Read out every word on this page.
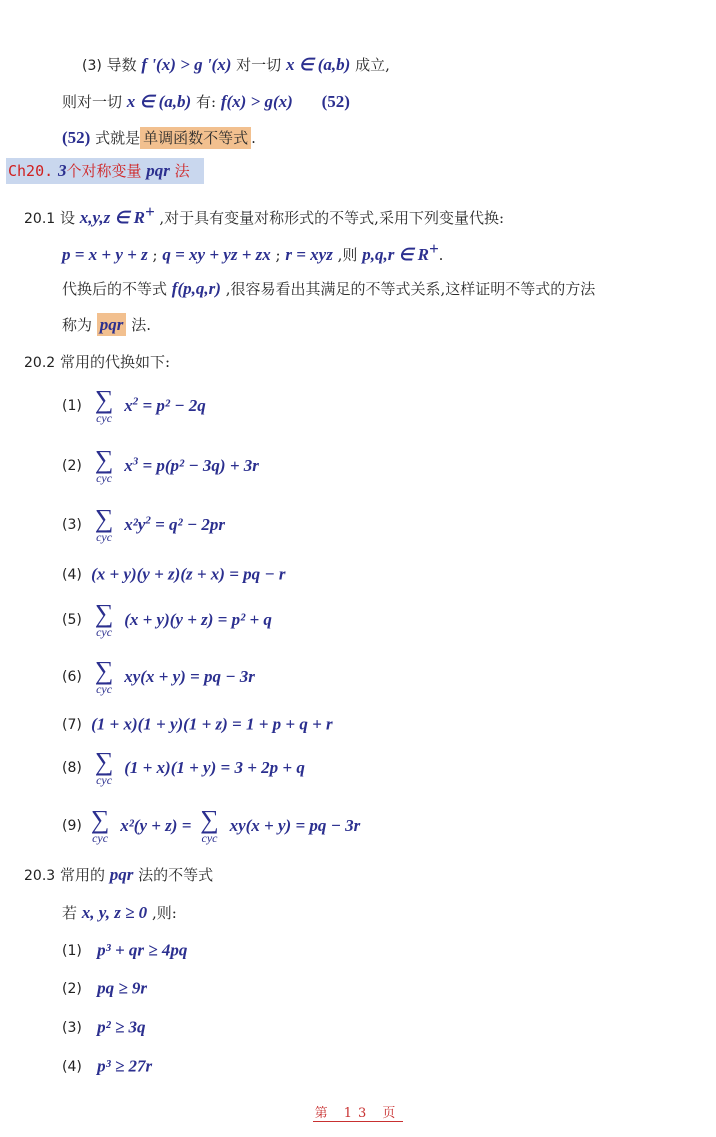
(3) 导数 f '(x) > g '(x) 对一切 x ∈ (a,b) 成立,
则对一切 x ∈ (a,b) 有: f(x) > g(x) (52)
(52) 式就是 单调函数不等式 .
Ch20. 3个对称变量 pqr 法
20.1 设 x,y,z ∈ R+ ,对于具有变量对称形式的不等式,采用下列变量代换:
p = x + y + z ; q = xy + yz + zx ; r = xyz ,则 p,q,r ∈ R+.
代换后的不等式 f(p,q,r) ,很容易看出其满足的不等式关系,这样证明不等式的方法
称为 pqr 法.
20.2 常用的代换如下:
(1) ∑
cyc
$x^2 = p^2 - 2q$
(2) ∑
cyc
$x^3 = p(p^2 - 3q) + 3r$
(3) ∑
cyc
$x^2y^2 = q^2 - 2pr$
(4) (x + y)(y + z)(z + x) = pq − r
(5) ∑
cyc
(x + y)(y + z) = p² + q
(6) ∑
cyc
xy(x + y) = pq − 3r
(7) (1 + x)(1 + y)(1 + z) = 1 + p + q + r
(8) ∑
cyc
(1 + x)(1 + y) = 3 + 2p + q
(9) ∑
cyc
x²(y + z) = ∑
cyc
xy(x + y) = pq − 3r
20.3 常用的 pqr 法的不等式
若 x, y, z ≥ 0 ,则:
(1) p³ + qr ≥ 4pq
(2) pq ≥ 9r
(3) p² ≥ 3q
(4) p³ ≥ 27r
第 13 页
